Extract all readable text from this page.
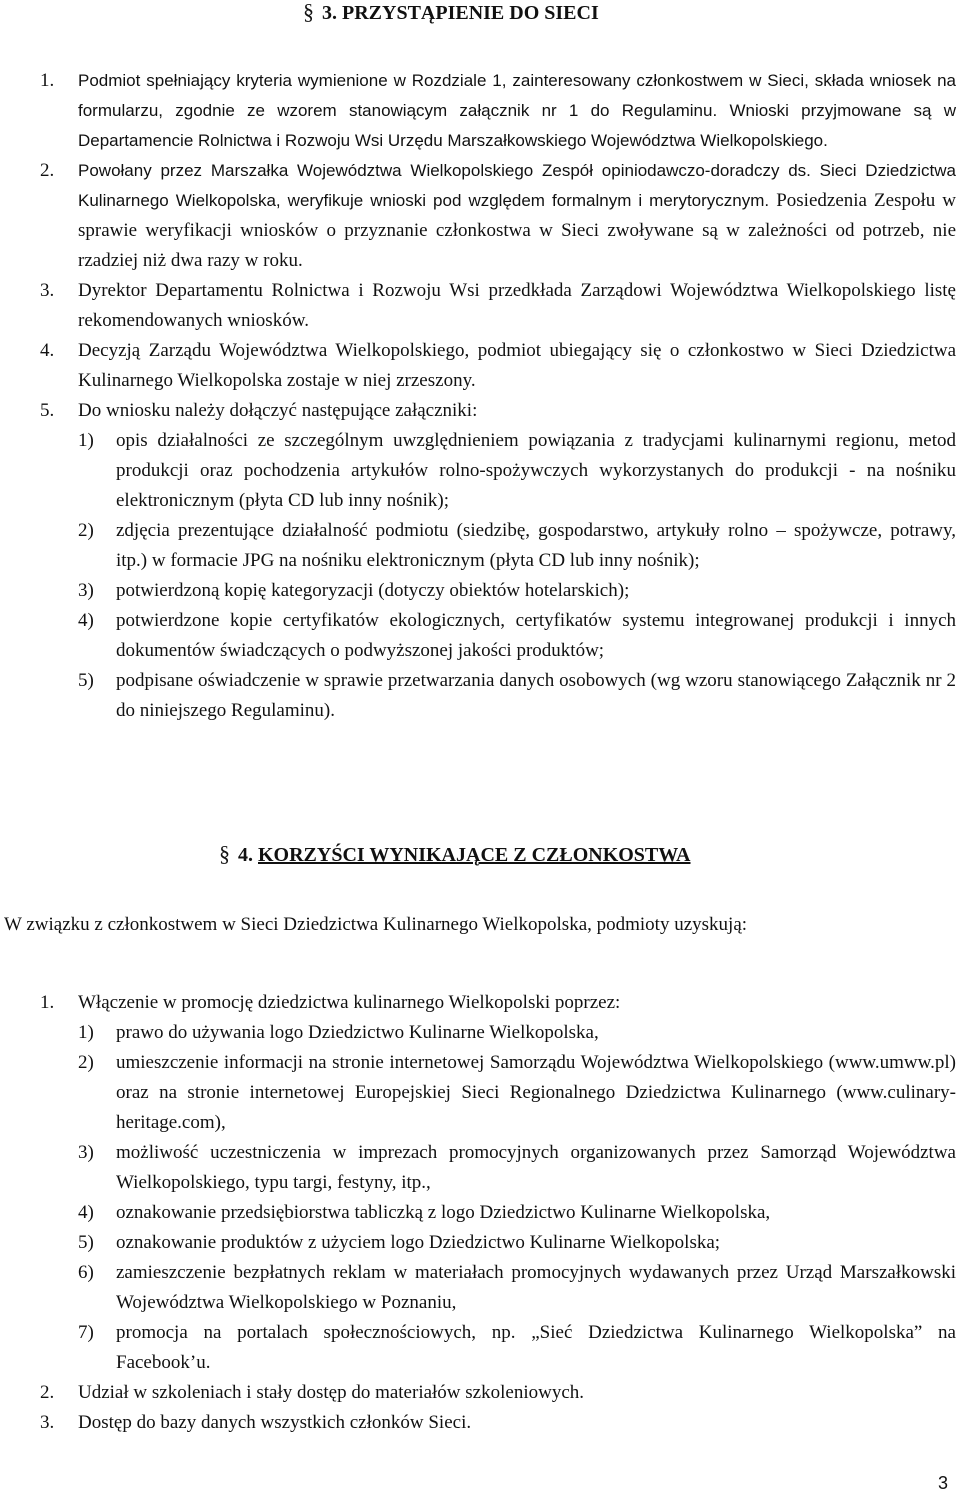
§ 3. PRZYSTĄPIENIE DO SIECI
1. Podmiot spełniający kryteria wymienione w Rozdziale 1, zainteresowany członkostwem w Sieci, składa wniosek na formularzu, zgodnie ze wzorem stanowiącym załącznik nr 1 do Regulaminu. Wnioski przyjmowane są w Departamencie Rolnictwa i Rozwoju Wsi Urzędu Marszałkowskiego Województwa Wielkopolskiego.
2. Powołany przez Marszałka Województwa Wielkopolskiego Zespół opiniodawczo-doradczy ds. Sieci Dziedzictwa Kulinarnego Wielkopolska, weryfikuje wnioski pod względem formalnym i merytorycznym. Posiedzenia Zespołu w sprawie weryfikacji wniosków o przyznanie członkostwa w Sieci zwoływane są w zależności od potrzeb, nie rzadziej niż dwa razy w roku.
3. Dyrektor Departamentu Rolnictwa i Rozwoju Wsi przedkłada Zarządowi Województwa Wielkopolskiego listę rekomendowanych wniosków.
4. Decyzją Zarządu Województwa Wielkopolskiego, podmiot ubiegający się o członkostwo w Sieci Dziedzictwa Kulinarnego Wielkopolska zostaje w niej zrzeszony.
5. Do wniosku należy dołączyć następujące załączniki:
1) opis działalności ze szczególnym uwzględnieniem powiązania z tradycjami kulinarnymi regionu, metod produkcji oraz pochodzenia artykułów rolno-spożywczych wykorzystanych do produkcji - na nośniku elektronicznym (płyta CD lub inny nośnik);
2) zdjęcia prezentujące działalność podmiotu (siedzibę, gospodarstwo, artykuły rolno – spożywcze, potrawy, itp.) w formacie JPG na nośniku elektronicznym (płyta CD lub inny nośnik);
3) potwierdzoną kopię kategoryzacji (dotyczy obiektów hotelarskich);
4) potwierdzone kopie certyfikatów ekologicznych, certyfikatów systemu integrowanej produkcji i innych dokumentów świadczących o podwyższonej jakości produktów;
5) podpisane oświadczenie w sprawie przetwarzania danych osobowych (wg wzoru stanowiącego Załącznik nr 2 do niniejszego Regulaminu).
§ 4. KORZYŚCI WYNIKAJĄCE Z CZŁONKOSTWA
W związku z członkostwem w Sieci Dziedzictwa Kulinarnego Wielkopolska, podmioty uzyskują:
1. Włączenie w promocję dziedzictwa kulinarnego Wielkopolski poprzez:
1) prawo do używania logo Dziedzictwo Kulinarne Wielkopolska,
2) umieszczenie informacji na stronie internetowej Samorządu Województwa Wielkopolskiego (www.umww.pl) oraz na stronie internetowej Europejskiej Sieci Regionalnego Dziedzictwa Kulinarnego (www.culinary-heritage.com),
3) możliwość uczestniczenia w imprezach promocyjnych organizowanych przez Samorząd Województwa Wielkopolskiego, typu targi, festyny, itp.,
4) oznakowanie przedsiębiorstwa tabliczką z logo Dziedzictwo Kulinarne Wielkopolska,
5) oznakowanie produktów z użyciem logo Dziedzictwo Kulinarne Wielkopolska;
6) zamieszczenie bezpłatnych reklam w materiałach promocyjnych wydawanych przez Urząd Marszałkowski Województwa Wielkopolskiego w Poznaniu,
7) promocja na portalach społecznościowych, np. „Sieć Dziedzictwa Kulinarnego Wielkopolska” na Facebook’u.
2. Udział w szkoleniach i stały dostęp do materiałów szkoleniowych.
3. Dostęp do bazy danych wszystkich członków Sieci.
3
